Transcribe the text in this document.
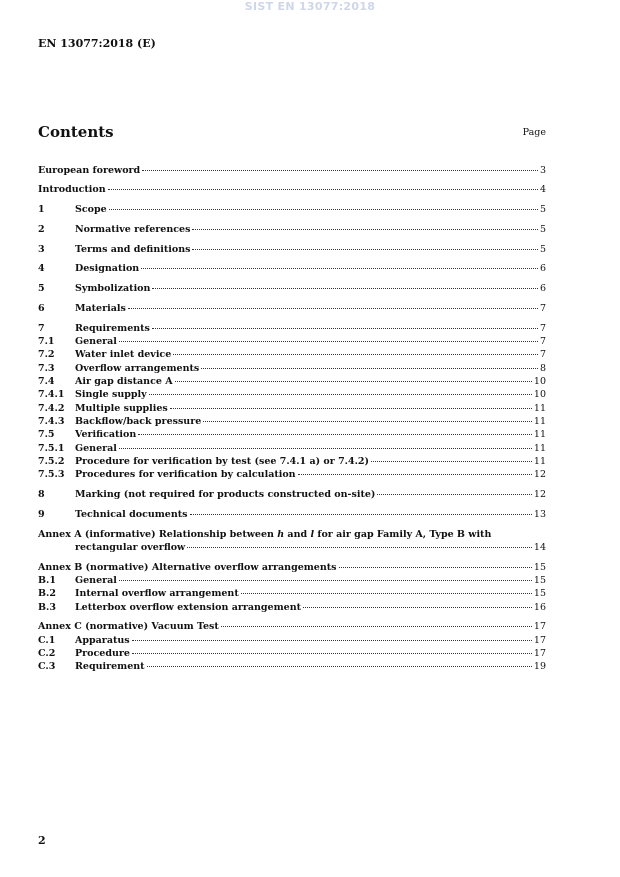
SIST EN 13077:2018
EN 13077:2018 (E)
Contents	Page
European foreword	3
Introduction	4
1	Scope	5
2	Normative references	5
3	Terms and definitions	5
4	Designation	6
5	Symbolization	6
6	Materials	7
7	Requirements	7
7.1	General	7
7.2	Water inlet device	7
7.3	Overflow arrangements	8
7.4	Air gap distance A	10
7.4.1	Single supply	10
7.4.2	Multiple supplies	11
7.4.3	Backflow/back pressure	11
7.5	Verification	11
7.5.1	General	11
7.5.2	Procedure for verification by test (see 7.4.1 a) or 7.4.2)	11
7.5.3	Procedures for verification by calculation	12
8	Marking (not required for products constructed on-site)	12
9	Technical documents	13
Annex A (informative) Relationship between h and l for air gap Family A, Type B with
rectangular overflow	14
Annex B (normative) Alternative overflow arrangements	15
B.1	General	15
B.2	Internal overflow arrangement	15
B.3	Letterbox overflow extension arrangement	16
Annex C (normative) Vacuum Test	17
C.1	Apparatus	17
C.2	Procedure	17
C.3	Requirement	19
2
